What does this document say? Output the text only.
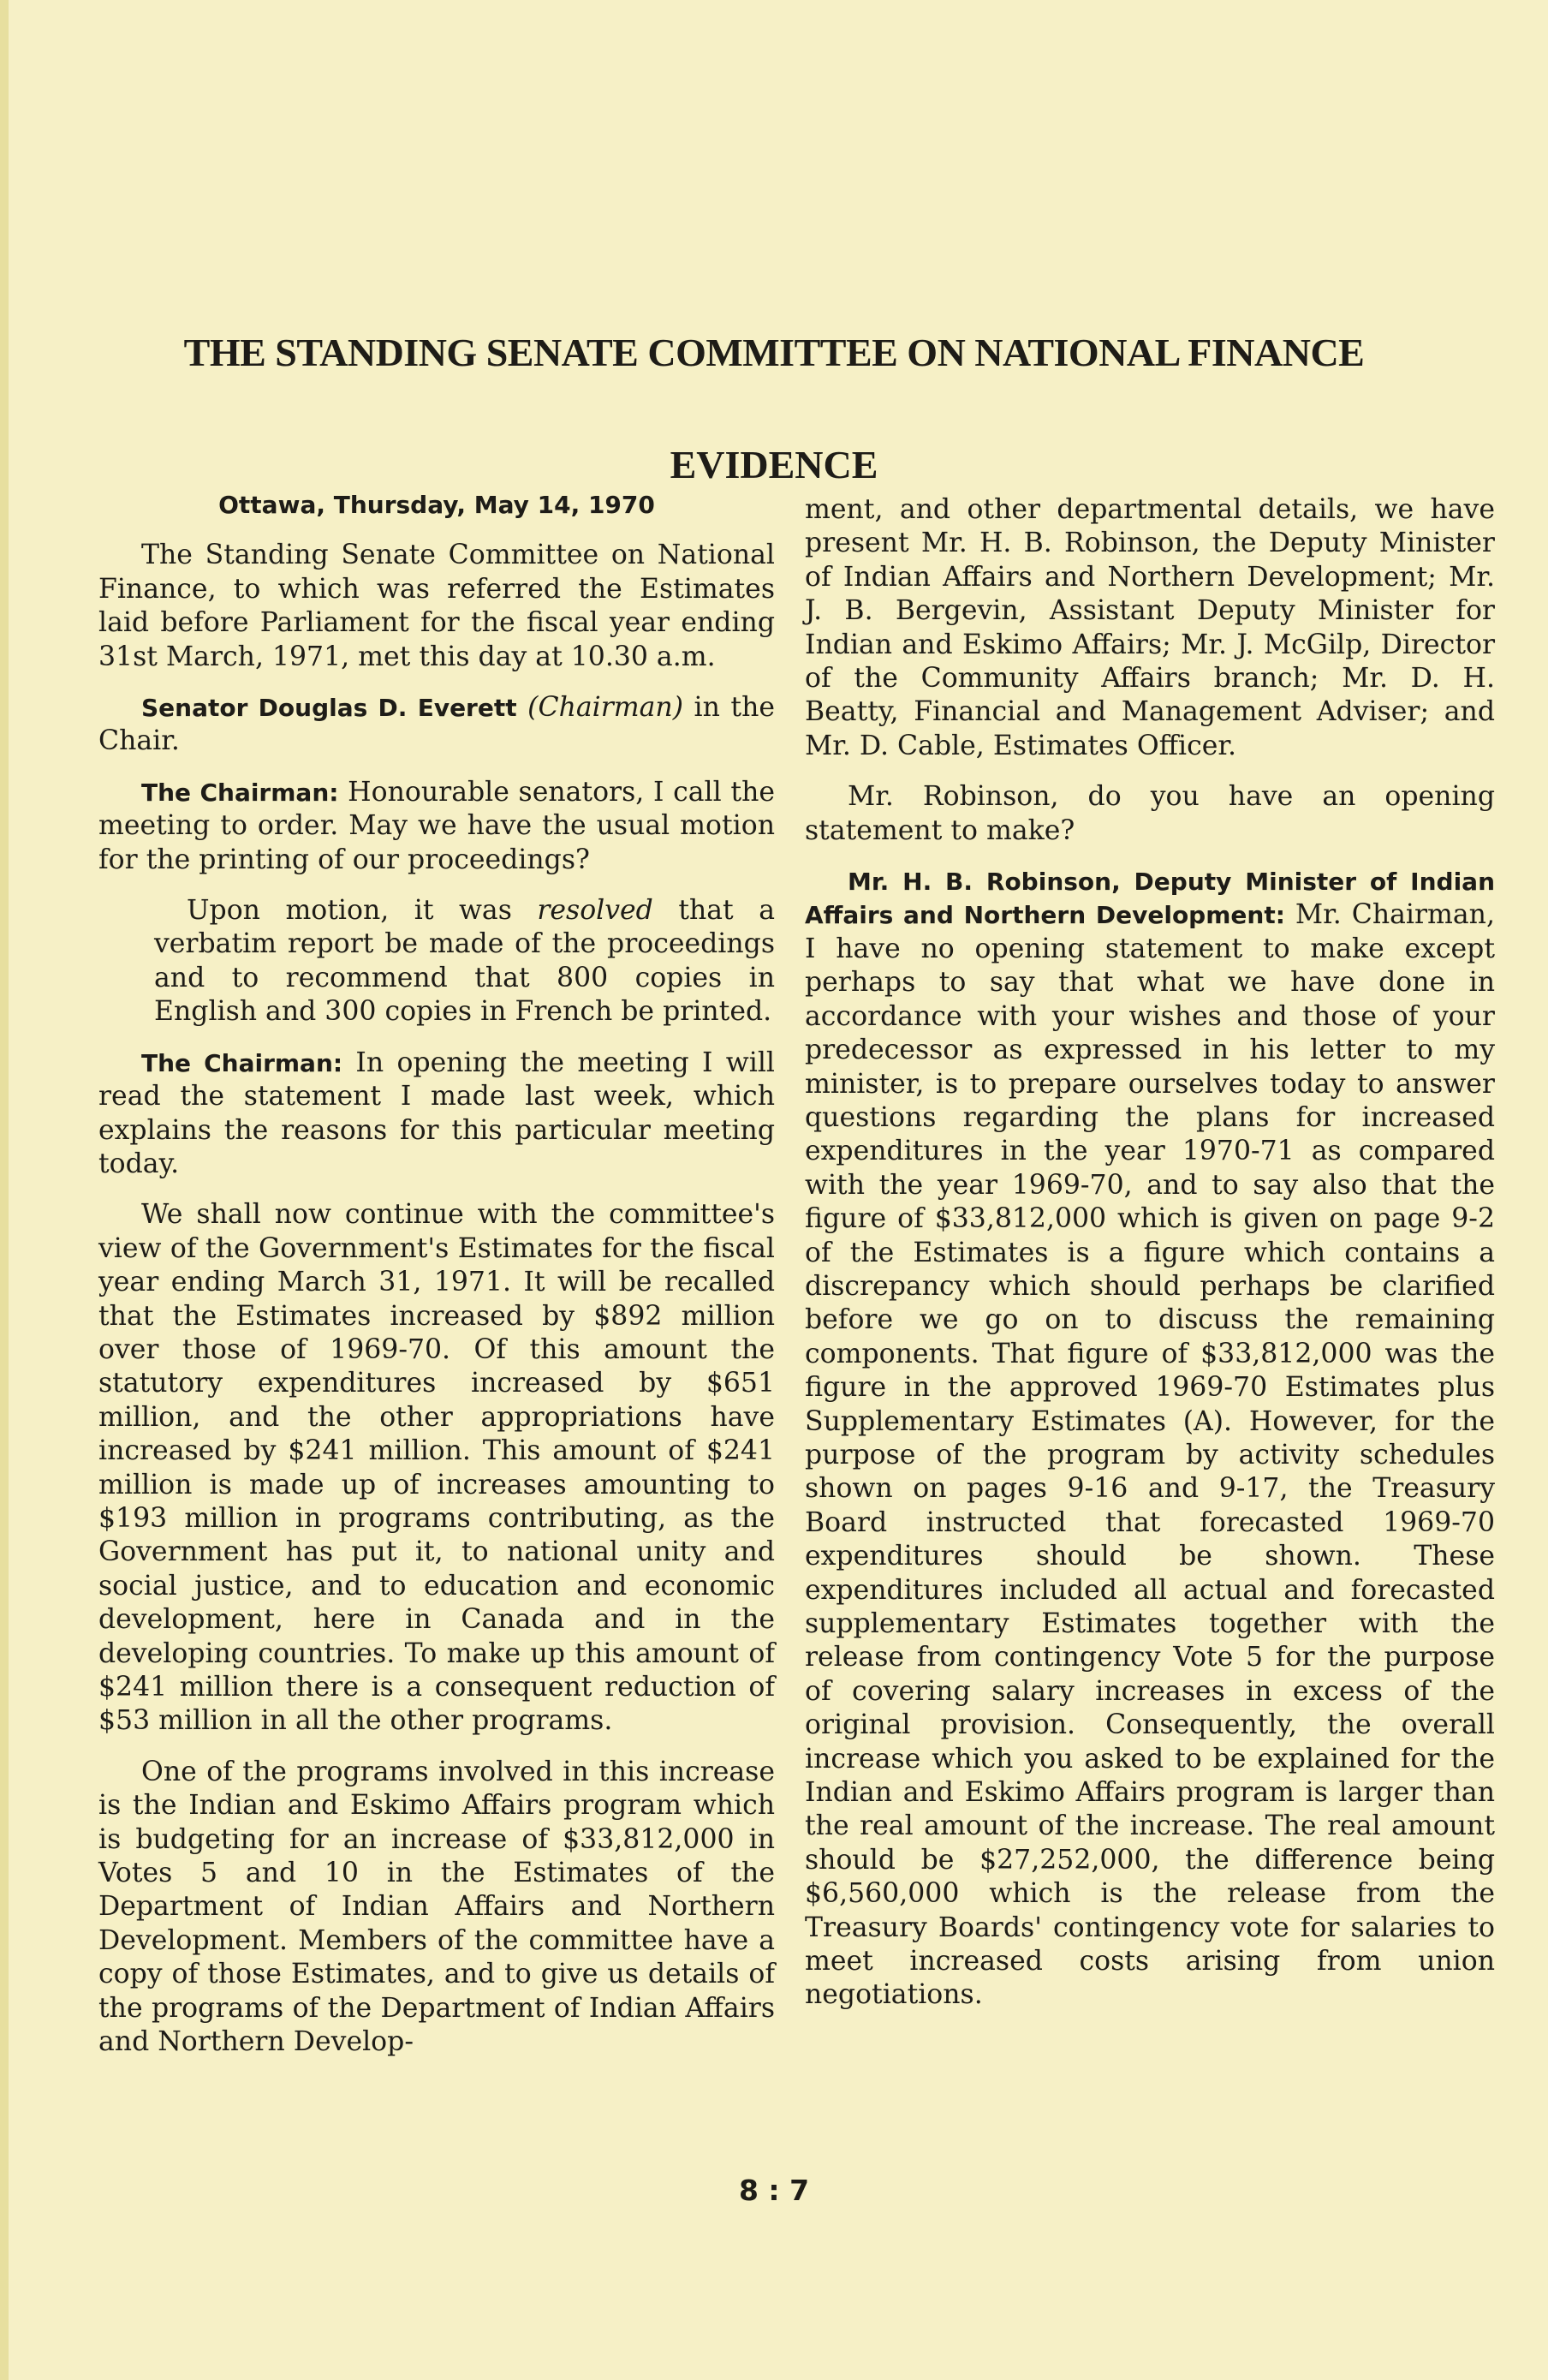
THE STANDING SENATE COMMITTEE ON NATIONAL FINANCE
EVIDENCE
Ottawa, Thursday, May 14, 1970

The Standing Senate Committee on National Finance, to which was referred the Estimates laid before Parliament for the fiscal year ending 31st March, 1971, met this day at 10.30 a.m.

Senator Douglas D. Everett (Chairman) in the Chair.

The Chairman: Honourable senators, I call the meeting to order. May we have the usual motion for the printing of our proceedings?

Upon motion, it was resolved that a verbatim report be made of the proceedings and to recommend that 800 copies in English and 300 copies in French be printed.

The Chairman: In opening the meeting I will read the statement I made last week, which explains the reasons for this particular meeting today.

We shall now continue with the committee's view of the Government's Estimates for the fiscal year ending March 31, 1971. It will be recalled that the Estimates increased by $892 million over those of 1969-70. Of this amount the statutory expenditures increased by $651 million, and the other appropriations have increased by $241 million. This amount of $241 million is made up of increases amounting to $193 million in programs contributing, as the Government has put it, to national unity and social justice, and to education and economic development, here in Canada and in the developing countries. To make up this amount of $241 million there is a consequent reduction of $53 million in all the other programs.

One of the programs involved in this increase is the Indian and Eskimo Affairs program which is budgeting for an increase of $33,812,000 in Votes 5 and 10 in the Estimates of the Department of Indian Affairs and Northern Development. Members of the committee have a copy of those Estimates, and to give us details of the programs of the Department of Indian Affairs and Northern Develop-

ment, and other departmental details, we have present Mr. H. B. Robinson, the Deputy Minister of Indian Affairs and Northern Development; Mr. J. B. Bergevin, Assistant Deputy Minister for Indian and Eskimo Affairs; Mr. J. McGilp, Director of the Community Affairs branch; Mr. D. H. Beatty, Financial and Management Adviser; and Mr. D. Cable, Estimates Officer.

Mr. Robinson, do you have an opening statement to make?

Mr. H. B. Robinson, Deputy Minister of Indian Affairs and Northern Development: Mr. Chairman, I have no opening statement to make except perhaps to say that what we have done in accordance with your wishes and those of your predecessor as expressed in his letter to my minister, is to prepare ourselves today to answer questions regarding the plans for increased expenditures in the year 1970-71 as compared with the year 1969-70, and to say also that the figure of $33,812,000 which is given on page 9-2 of the Estimates is a figure which contains a discrepancy which should perhaps be clarified before we go on to discuss the remaining components. That figure of $33,812,000 was the figure in the approved 1969-70 Estimates plus Supplementary Estimates (A). However, for the purpose of the program by activity schedules shown on pages 9-16 and 9-17, the Treasury Board instructed that forecasted 1969-70 expenditures should be shown. These expenditures included all actual and forecasted supplementary Estimates together with the release from contingency Vote 5 for the purpose of covering salary increases in excess of the original provision. Consequently, the overall increase which you asked to be explained for the Indian and Eskimo Affairs program is larger than the real amount of the increase. The real amount should be $27,252,000, the difference being $6,560,000 which is the release from the Treasury Boards' contingency vote for salaries to meet increased costs arising from union negotiations.

8 : 7
